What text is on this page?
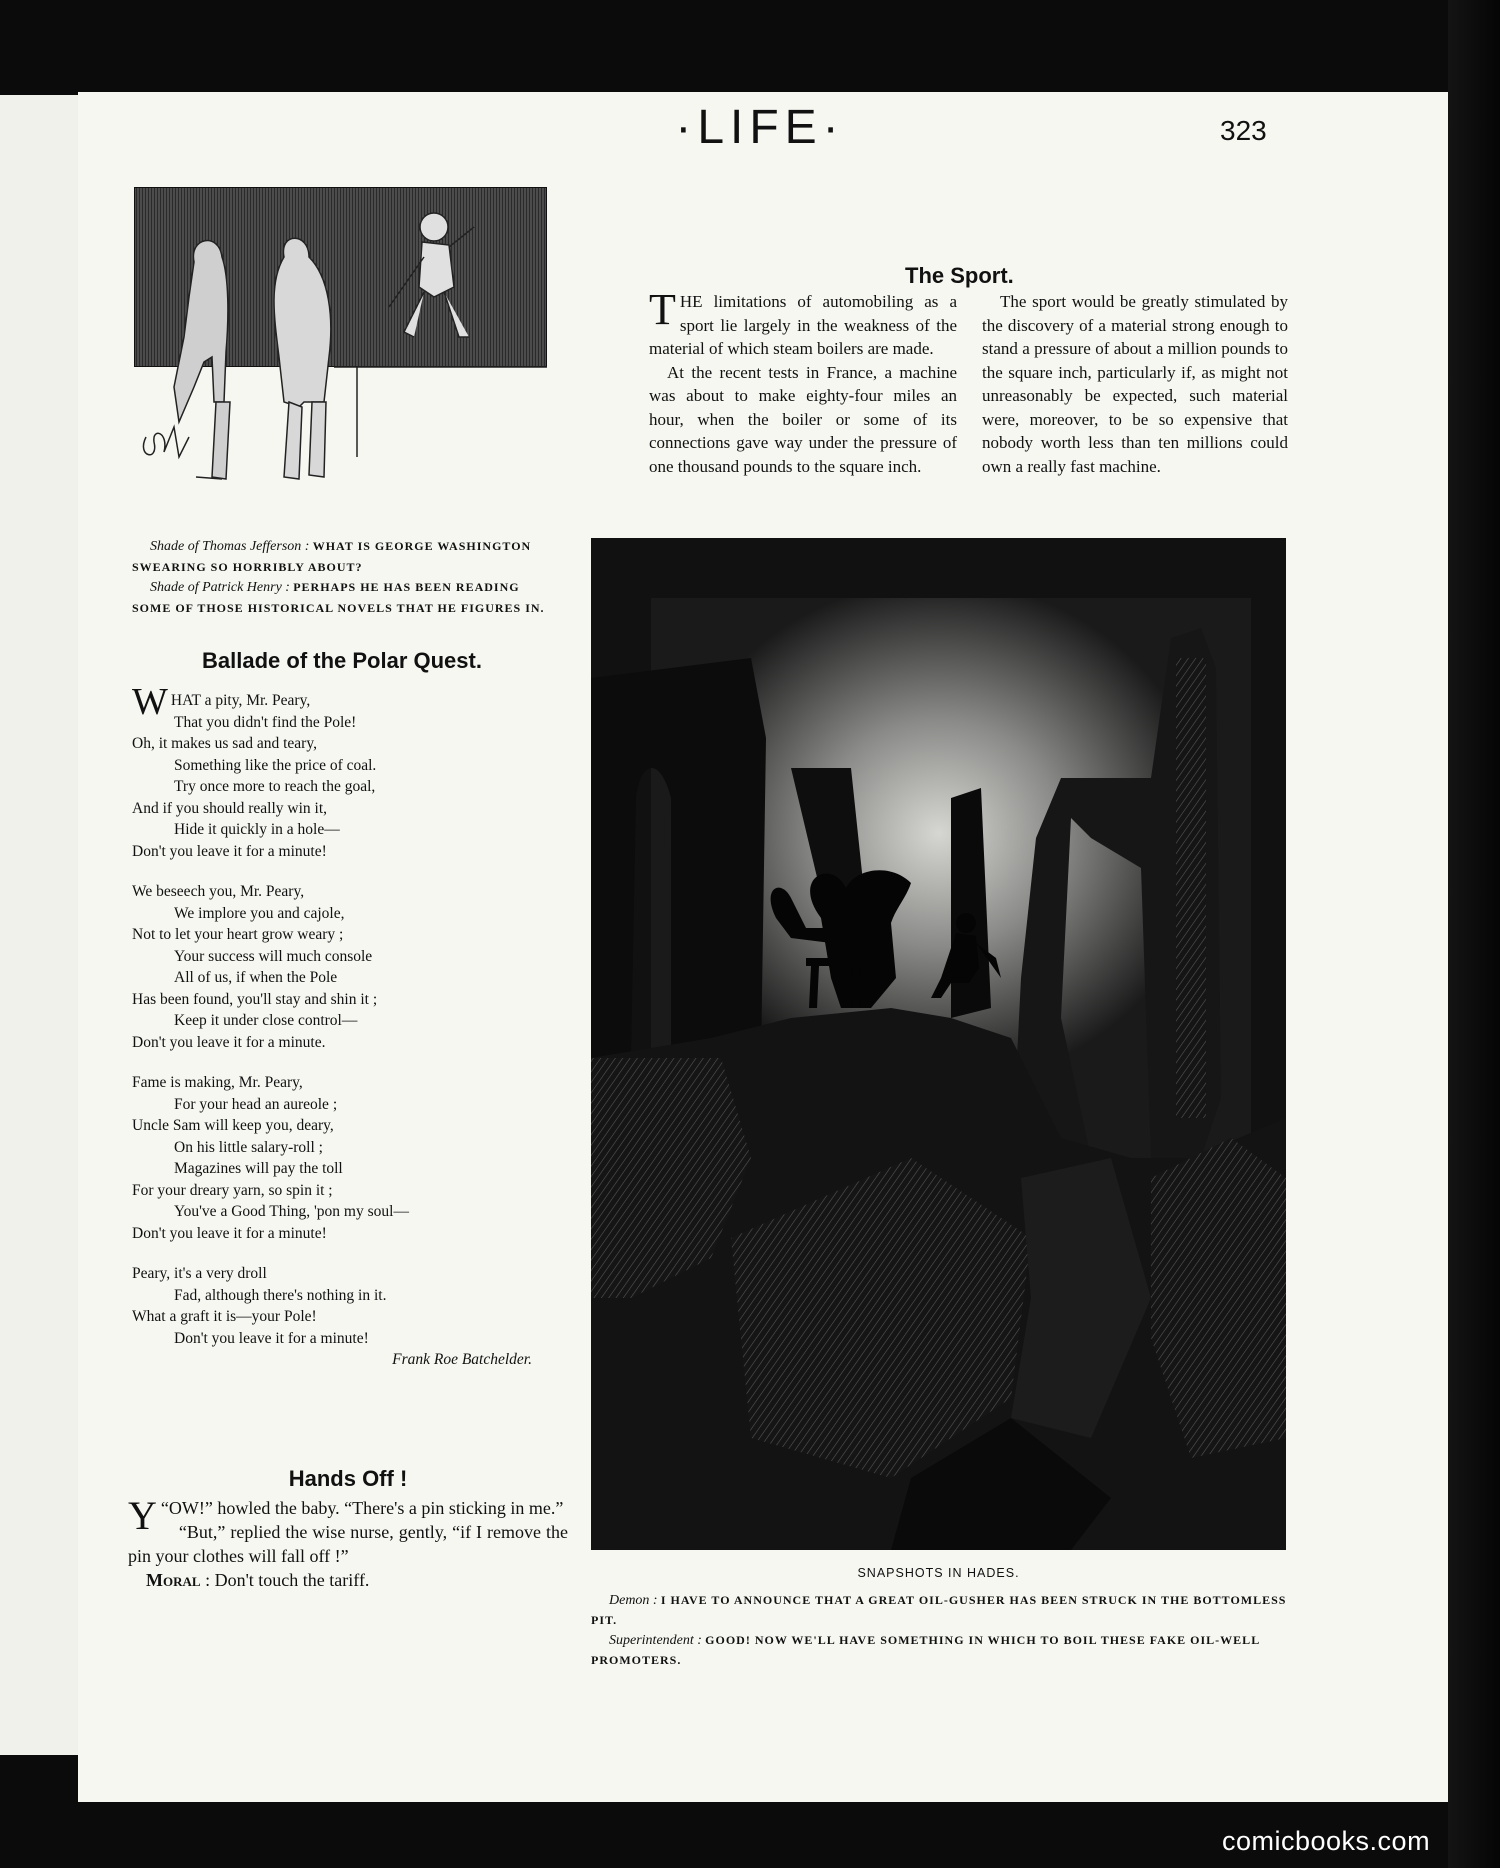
·LIFE·	323
Shade of Thomas Jefferson : WHAT IS GEORGE WASHINGTON SWEARING SO HORRIBLY ABOUT?
Shade of Patrick Henry : PERHAPS HE HAS BEEN READING SOME OF THOSE HISTORICAL NOVELS THAT HE FIGURES IN.
Ballade of the Polar Quest.
WHAT a pity, Mr. Peary,
That you didn't find the Pole!
Oh, it makes us sad and teary,
Something like the price of coal.
Try once more to reach the goal,
And if you should really win it,
Hide it quickly in a hole—
Don't you leave it for a minute!
We beseech you, Mr. Peary,
We implore you and cajole,
Not to let your heart grow weary ;
Your success will much console
All of us, if when the Pole
Has been found, you'll stay and shin it ;
Keep it under close control—
Don't you leave it for a minute.
Fame is making, Mr. Peary,
For your head an aureole ;
Uncle Sam will keep you, deary,
On his little salary-roll ;
Magazines will pay the toll
For your dreary yarn, so spin it ;
You've a Good Thing, 'pon my soul—
Don't you leave it for a minute!
Peary, it's a very droll
Fad, although there's nothing in it.
What a graft it is—your Pole!
Don't you leave it for a minute!
Frank Roe Batchelder.
Hands Off !

“
Y OW!” howled the baby. “There's a pin sticking in me.”

“But,” replied the wise nurse, gently, “if I remove the pin your clothes will fall off !”

Moral : Don't touch the tariff.

The Sport.

THE limitations of automobiling as a sport lie largely in the weakness of the material of which steam boilers are made.

At the recent tests in France, a machine was about to make eighty-four miles an hour, when the boiler or some of its connections gave way under the pressure of one thousand pounds to the square inch.

The sport would be greatly stimulated by the discovery of a material strong enough to stand a pressure of about a million pounds to the square inch, particularly if, as might not unreasonably be expected, such material were, moreover, to be so expensive that nobody worth less than ten millions could own a really fast machine.

SNAPSHOTS IN HADES.
Demon : I HAVE TO ANNOUNCE THAT A GREAT OIL-GUSHER HAS BEEN STRUCK IN THE BOTTOMLESS PIT.
Superintendent : GOOD! NOW WE'LL HAVE SOMETHING IN WHICH TO BOIL THESE FAKE OIL-WELL PROMOTERS.
comicbooks.com
